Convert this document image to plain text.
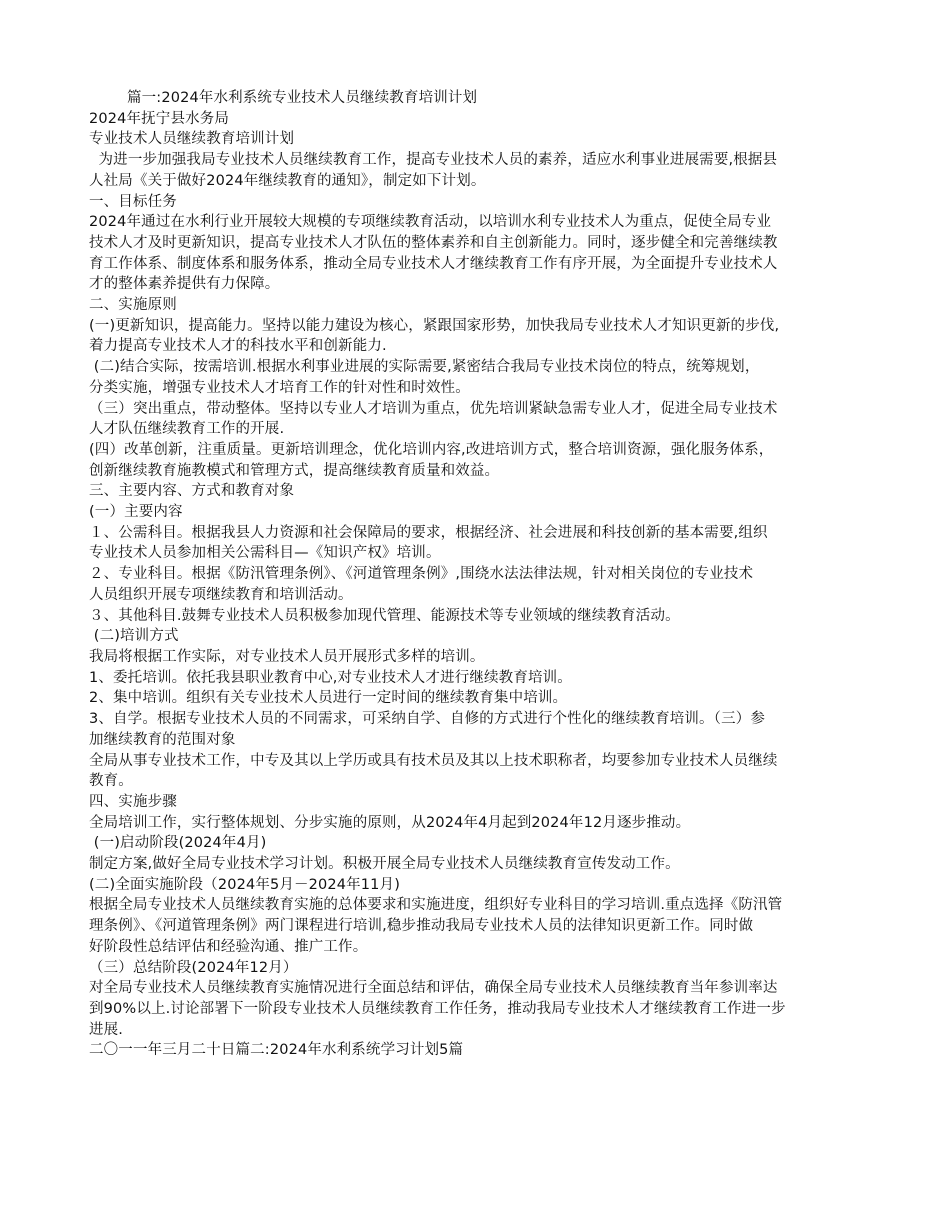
篇一:2024年水利系统专业技术人员继续教育培训计划
2024年抚宁县水务局
专业技术人员继续教育培训计划
为进一步加强我局专业技术人员继续教育工作，提高专业技术人员的素养，适应水利事业进展需要,根据县
人社局《关于做好2024年继续教育的通知》，制定如下计划。
一、目标任务
2024年通过在水利行业开展较大规模的专项继续教育活动，以培训水利专业技术人为重点，促使全局专业
技术人才及时更新知识，提高专业技术人才队伍的整体素养和自主创新能力。同时，逐步健全和完善继续教
育工作体系、制度体系和服务体系，推动全局专业技术人才继续教育工作有序开展，为全面提升专业技术人
才的整体素养提供有力保障。
二、实施原则
(一)更新知识，提高能力。坚持以能力建设为核心，紧跟国家形势，加快我局专业技术人才知识更新的步伐,
着力提高专业技术人才的科技水平和创新能力.
(二)结合实际，按需培训.根据水利事业进展的实际需要,紧密结合我局专业技术岗位的特点，统筹规划，
分类实施，增强专业技术人才培育工作的针对性和时效性。
（三）突出重点，带动整体。坚持以专业人才培训为重点，优先培训紧缺急需专业人才，促进全局专业技术
人才队伍继续教育工作的开展.
(四）改革创新，注重质量。更新培训理念，优化培训内容,改进培训方式，整合培训资源，强化服务体系，
创新继续教育施教模式和管理方式，提高继续教育质量和效益。
三、主要内容、方式和教育对象
(一）主要内容
１、公需科目。根据我县人力资源和社会保障局的要求，根据经济、社会进展和科技创新的基本需要,组织
专业技术人员参加相关公需科目—《知识产权》培训。
２、专业科目。根据《防汛管理条例》、《河道管理条例》,围绕水法法律法规，针对相关岗位的专业技术
人员组织开展专项继续教育和培训活动。
３、其他科目.鼓舞专业技术人员积极参加现代管理、能源技术等专业领域的继续教育活动。
(二)培训方式
我局将根据工作实际，对专业技术人员开展形式多样的培训。
1、委托培训。依托我县职业教育中心,对专业技术人才进行继续教育培训。
2、集中培训。组织有关专业技术人员进行一定时间的继续教育集中培训。
3、自学。根据专业技术人员的不同需求，可采纳自学、自修的方式进行个性化的继续教育培训。（三）参
加继续教育的范围对象
全局从事专业技术工作，中专及其以上学历或具有技术员及其以上技术职称者，均要参加专业技术人员继续
教育。
四、实施步骤
全局培训工作，实行整体规划、分步实施的原则，从2024年4月起到2024年12月逐步推动。
(一)启动阶段(2024年4月)
制定方案,做好全局专业技术学习计划。积极开展全局专业技术人员继续教育宣传发动工作。
(二)全面实施阶段（2024年5月－2024年11月)
根据全局专业技术人员继续教育实施的总体要求和实施进度，组织好专业科目的学习培训.重点选择《防汛管
理条例》、《河道管理条例》两门课程进行培训,稳步推动我局专业技术人员的法律知识更新工作。同时做
好阶段性总结评估和经验沟通、推广工作。
（三）总结阶段(2024年12月）
对全局专业技术人员继续教育实施情况进行全面总结和评估，确保全局专业技术人员继续教育当年参训率达
到90%以上.讨论部署下一阶段专业技术人员继续教育工作任务，推动我局专业技术人才继续教育工作进一步
进展.
二〇一一年三月二十日篇二:2024年水利系统学习计划5篇
